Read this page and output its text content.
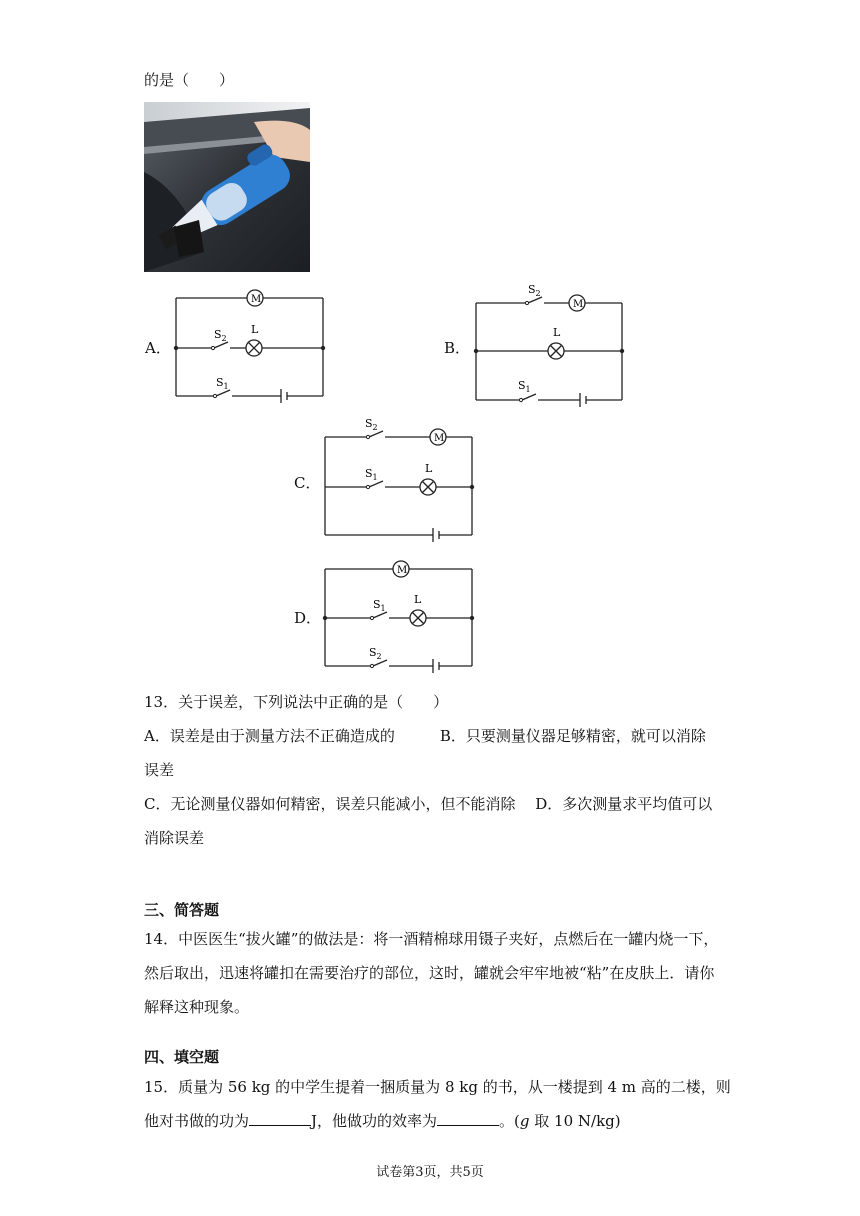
的是（　　）
A．
M
L
$S_2$
$S_1$
B．
M
L
$S_2$
$S_1$
C．
M
L
$S_2$
$S_1$
D．
M
L
$S_1$
$S_2$
13．关于误差，下列说法中正确的是（　　）
A．误差是由于测量方法不正确造成的　　　B．只要测量仪器足够精密，就可以消除
误差
C．无论测量仪器如何精密，误差只能减小，但不能消除　 D．多次测量求平均值可以
消除误差
三、简答题
14．中医医生“拔火罐”的做法是：将一酒精棉球用镊子夹好，点燃后在一罐内烧一下，
然后取出，迅速将罐扣在需要治疗的部位，这时，罐就会牢牢地被“粘”在皮肤上．请你
解释这种现象。
四、填空题
15．质量为 56 kg 的中学生提着一捆质量为 8 kg 的书，从一楼提到 4 m 高的二楼，则
他对书做的功为	J，他做功的效率为	。(g 取 10 N/kg)
试卷第3页，共5页
